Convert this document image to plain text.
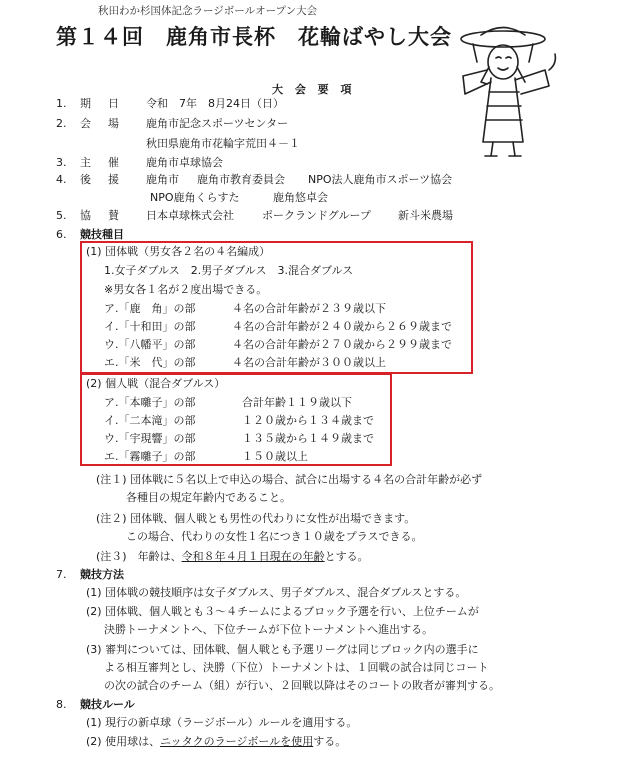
秋田わか杉国体記念ラージボールオープン大会
第１４回　鹿角市長杯　花輪ばやし大会
大 会 要 項
1. 期　日 令和　7年　8月24日（日）
2. 会　場 鹿角市記念スポーツセンター
秋田県鹿角市花輪字荒田４－１
3. 主　催 鹿角市卓球協会
4. 後　援 鹿角市 鹿角市教育委員会 NPO法人鹿角市スポーツ協会
NPO鹿角くらすた	鹿角悠卓会
5. 協　賛 日本卓球株式会社	ポークランドグループ 新斗米農場
6. 競技種目
(1) 団体戦（男女各２名の４名編成）
1.女子ダブルス　2.男子ダブルス　3.混合ダブルス
※男女各１名が２度出場できる。
ア.「鹿　角」の部	４名の合計年齢が２３９歳以下
イ.「十和田」の部	４名の合計年齢が２４０歳から２６９歳まで
ウ.「八幡平」の部	４名の合計年齢が２７０歳から２９９歳まで
エ.「米　代」の部	４名の合計年齢が３００歳以上
(2) 個人戦（混合ダブルス）
ア.「本囃子」の部	合計年齢１１９歳以下
イ.「二本滝」の部	１２０歳から１３４歳まで
ウ.「宇現響」の部	１３５歳から１４９歳まで
エ.「霧囃子」の部	１５０歳以上
(注１) 団体戦に５名以上で申込の場合、試合に出場する４名の合計年齢が必ず
各種目の規定年齢内であること。
(注２) 団体戦、個人戦とも男性の代わりに女性が出場できます。
この場合、代わりの女性１名につき１０歳をプラスできる。
(注３)　年齢は、令和８年４月１日現在の年齢とする。
7. 競技方法
(1) 団体戦の競技順序は女子ダブルス、男子ダブルス、混合ダブルスとする。
(2) 団体戦、個人戦とも３～４チームによるブロック予選を行い、上位チームが
決勝トーナメントへ、下位チームが下位トーナメントへ進出する。
(3) 審判については、団体戦、個人戦とも予選リーグは同じブロック内の選手に
よる相互審判とし、決勝（下位）トーナメントは、１回戦の試合は同じコート
の次の試合のチーム（組）が行い、２回戦以降はそのコートの敗者が審判する。
8. 競技ルール
(1) 現行の新卓球（ラージボール）ルールを適用する。
(2) 使用球は、ニッタクのラージボールを使用する。
